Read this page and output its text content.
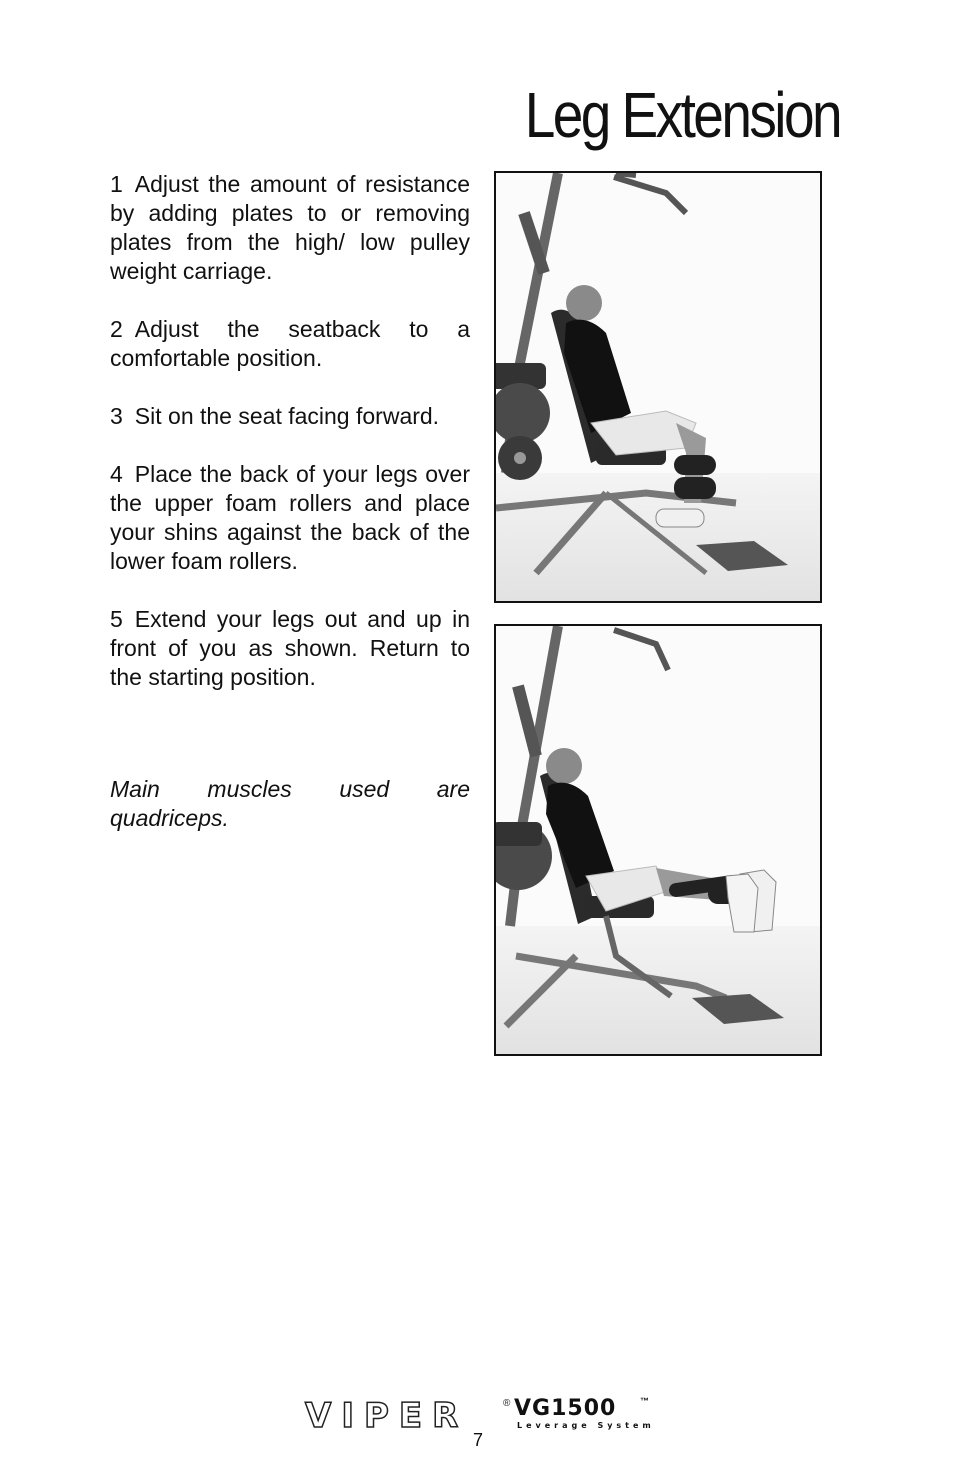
Leg Extension

1 Adjust the amount of resistance by adding plates to or removing plates from the high/ low pulley weight carriage.

2 Adjust the seatback to a comfortable position.

3 Sit on the seat facing forward.

4 Place the back of your legs over the upper foam rollers and place your shins against the back of the lower foam rollers.

5 Extend your legs out and up in front of you as shown. Return to the starting position.

Main muscles used are quadriceps.
VIPER	® VG1500	™
Leverage System
7
